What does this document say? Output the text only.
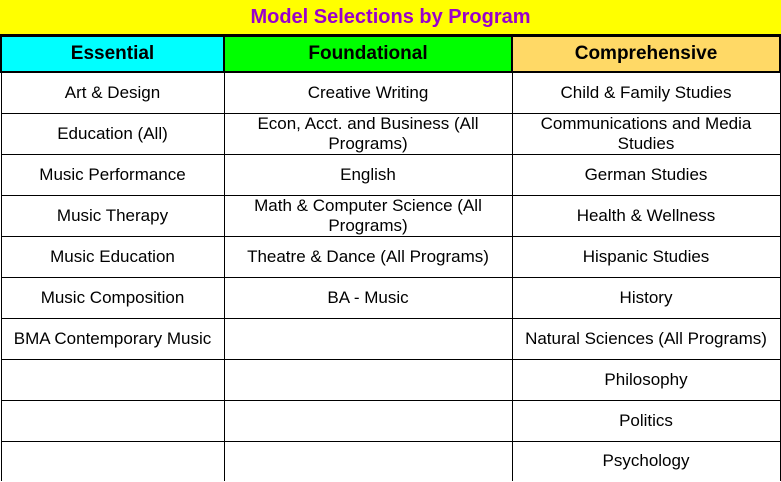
Model Selections by Program
Essential	Foundational	Comprehensive
Art & Design	Creative Writing	Child & Family Studies
Education (All)	Econ, Acct. and Business (All Programs)	Communications and Media Studies
Music Performance	English	German Studies
Music Therapy	Math & Computer Science (All Programs)	Health & Wellness
Music Education	Theatre & Dance (All Programs)	Hispanic Studies
Music Composition	BA - Music	History
BMA Contemporary Music		Natural Sciences (All Programs)
		Philosophy
		Politics
		Psychology
